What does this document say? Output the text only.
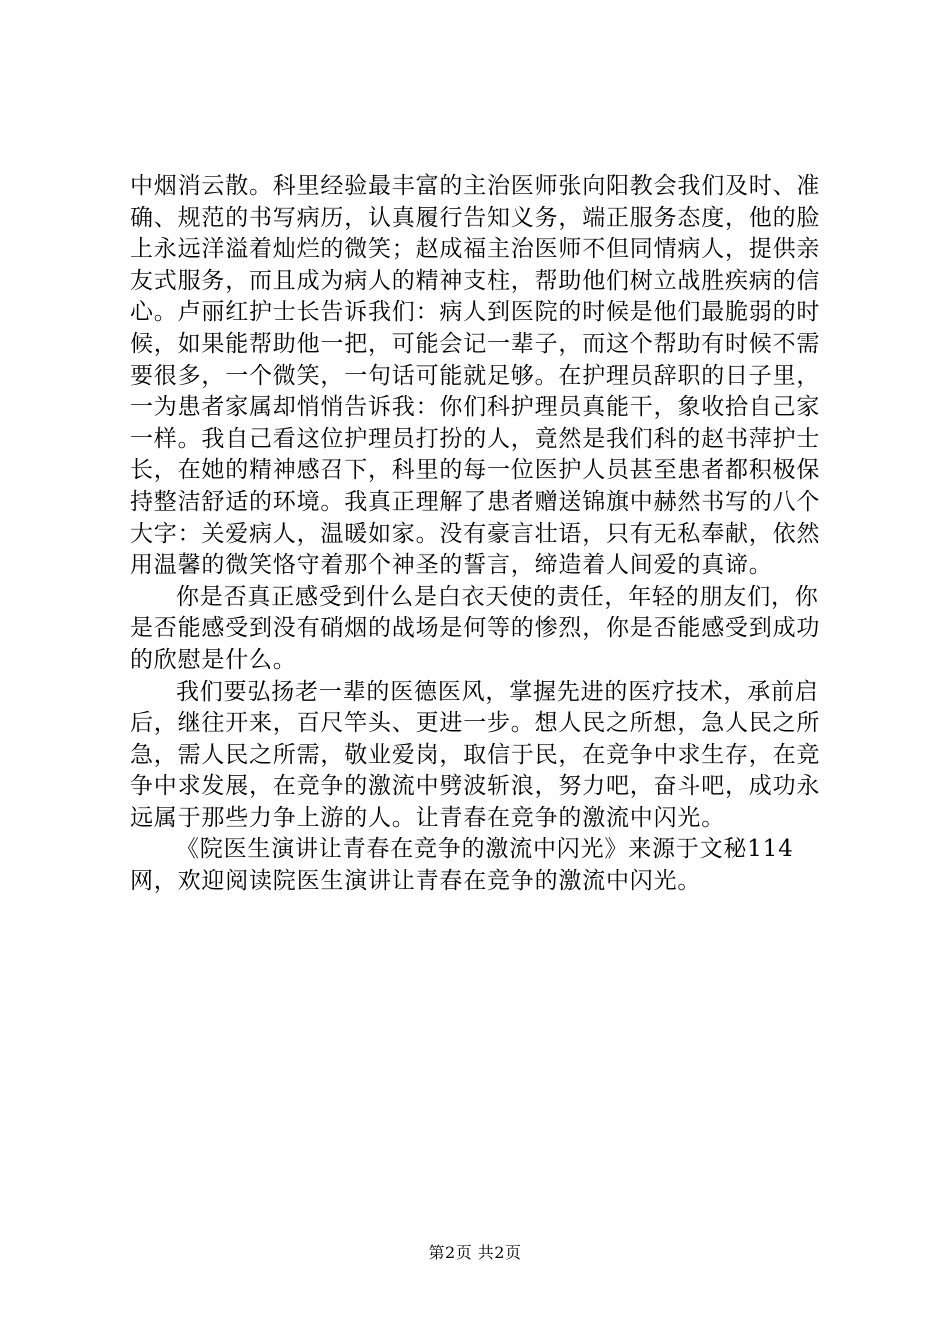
中烟消云散。科里经验最丰富的主治医师张向阳教会我们及时、准确、规范的书写病历，认真履行告知义务，端正服务态度，他的脸上永远洋溢着灿烂的微笑；赵成福主治医师不但同情病人，提供亲友式服务，而且成为病人的精神支柱，帮助他们树立战胜疾病的信心。卢丽红护士长告诉我们：病人到医院的时候是他们最脆弱的时候，如果能帮助他一把，可能会记一辈子，而这个帮助有时候不需要很多，一个微笑，一句话可能就足够。在护理员辞职的日子里，一为患者家属却悄悄告诉我：你们科护理员真能干，象收拾自己家一样。我自己看这位护理员打扮的人，竟然是我们科的赵书萍护士长，在她的精神感召下，科里的每一位医护人员甚至患者都积极保持整洁舒适的环境。我真正理解了患者赠送锦旗中赫然书写的八个大字：关爱病人，温暖如家。没有豪言壮语，只有无私奉献，依然用温馨的微笑恪守着那个神圣的誓言，缔造着人间爱的真谛。

你是否真正感受到什么是白衣天使的责任，年轻的朋友们，你是否能感受到没有硝烟的战场是何等的惨烈，你是否能感受到成功的欣慰是什么。

我们要弘扬老一辈的医德医风，掌握先进的医疗技术，承前启后，继往开来，百尺竿头、更进一步。想人民之所想，急人民之所急，需人民之所需，敬业爱岗，取信于民，在竞争中求生存，在竞争中求发展，在竞争的激流中劈波斩浪，努力吧，奋斗吧，成功永远属于那些力争上游的人。让青春在竞争的激流中闪光。

《院医生演讲让青春在竞争的激流中闪光》来源于文秘114网，欢迎阅读院医生演讲让青春在竞争的激流中闪光。

第2页 共2页
